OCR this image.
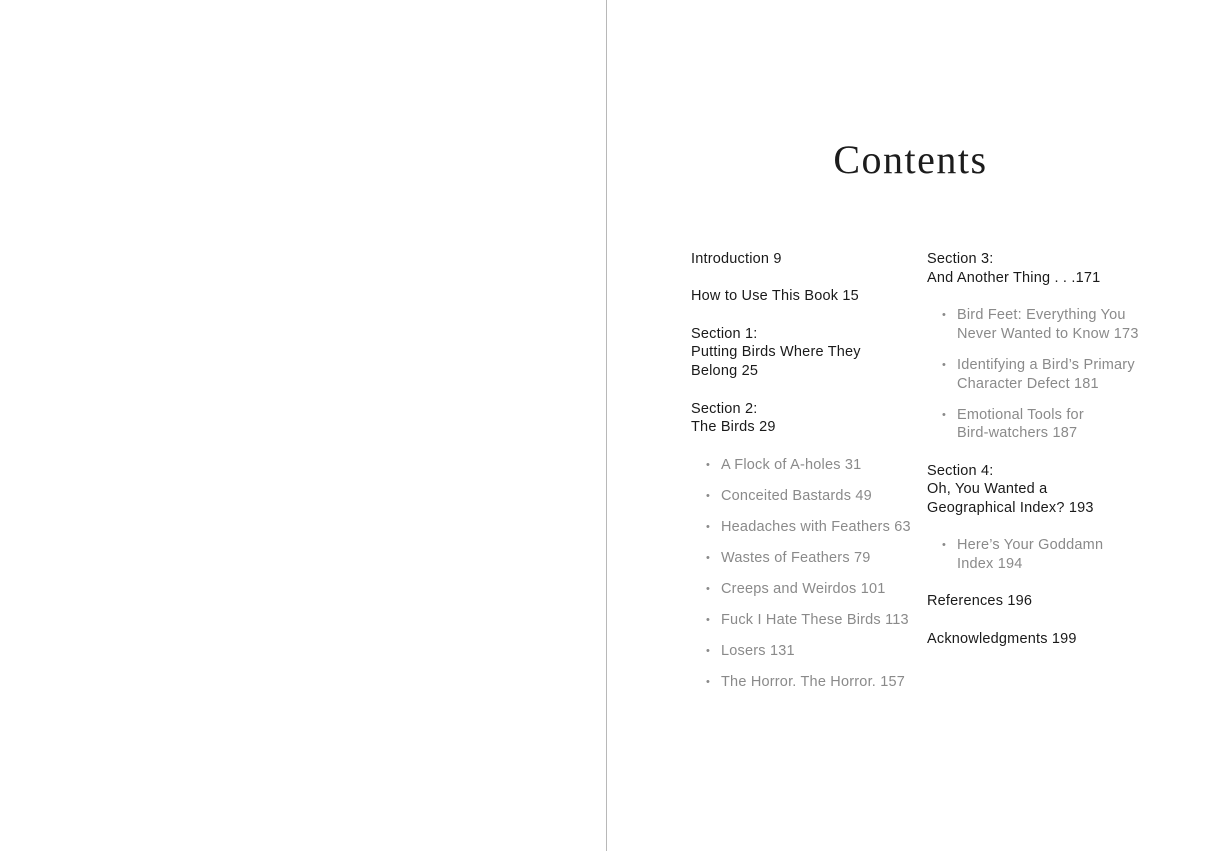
Contents
Introduction 9
How to Use This Book 15
Section 1:
Putting Birds Where They
Belong 25
Section 2:
The Birds 29
• A Flock of A-holes 31
• Conceited Bastards 49
• Headaches with Feathers 63
• Wastes of Feathers 79
• Creeps and Weirdos 101
• Fuck I Hate These Birds 113
• Losers 131
• The Horror. The Horror. 157
Section 3:
And Another Thing . . .171
• Bird Feet: Everything You
Never Wanted to Know 173
• Identifying a Bird’s Primary
Character Defect 181
• Emotional Tools for
Bird-watchers 187
Section 4:
Oh, You Wanted a
Geographical Index? 193
• Here’s Your Goddamn
Index 194
References 196
Acknowledgments 199
